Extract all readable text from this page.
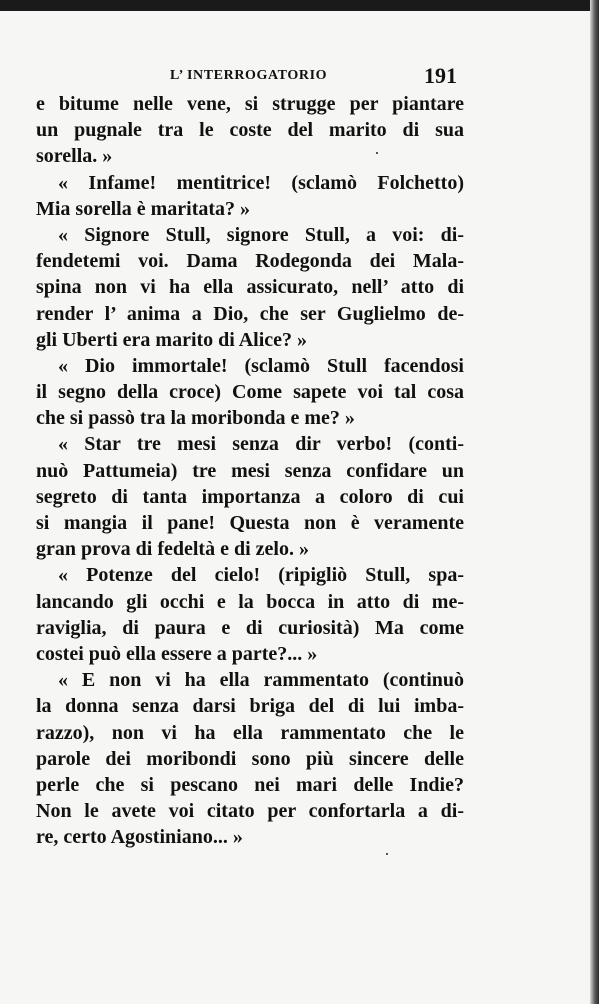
L’ INTERROGATORIO	191
e bitume nelle vene, si strugge per piantare
un pugnale tra le coste del marito di sua
sorella. »
« Infame! mentitrice! (sclamò Folchetto)
Mia sorella è maritata? »
« Signore Stull, signore Stull, a voi: di-
fendetemi voi. Dama Rodegonda dei Mala-
spina non vi ha ella assicurato, nell’ atto di
render l’ anima a Dio, che ser Guglielmo de-
gli Uberti era marito di Alice? »
« Dio immortale! (sclamò Stull facendosi
il segno della croce) Come sapete voi tal cosa
che si passò tra la moribonda e me? »
« Star tre mesi senza dir verbo! (conti-
nuò Pattumeia) tre mesi senza confidare un
segreto di tanta importanza a coloro di cui
si mangia il pane! Questa non è veramente
gran prova di fedeltà e di zelo. »
« Potenze del cielo! (ripigliò Stull, spa-
lancando gli occhi e la bocca in atto di me-
raviglia, di paura e di curiosità) Ma come
costei può ella essere a parte?... »
« E non vi ha ella rammentato (continuò
la donna senza darsi briga del di lui imba-
razzo), non vi ha ella rammentato che le
parole dei moribondi sono più sincere delle
perle che si pescano nei mari delle Indie?
Non le avete voi citato per confortarla a di-
re, certo Agostiniano... »
